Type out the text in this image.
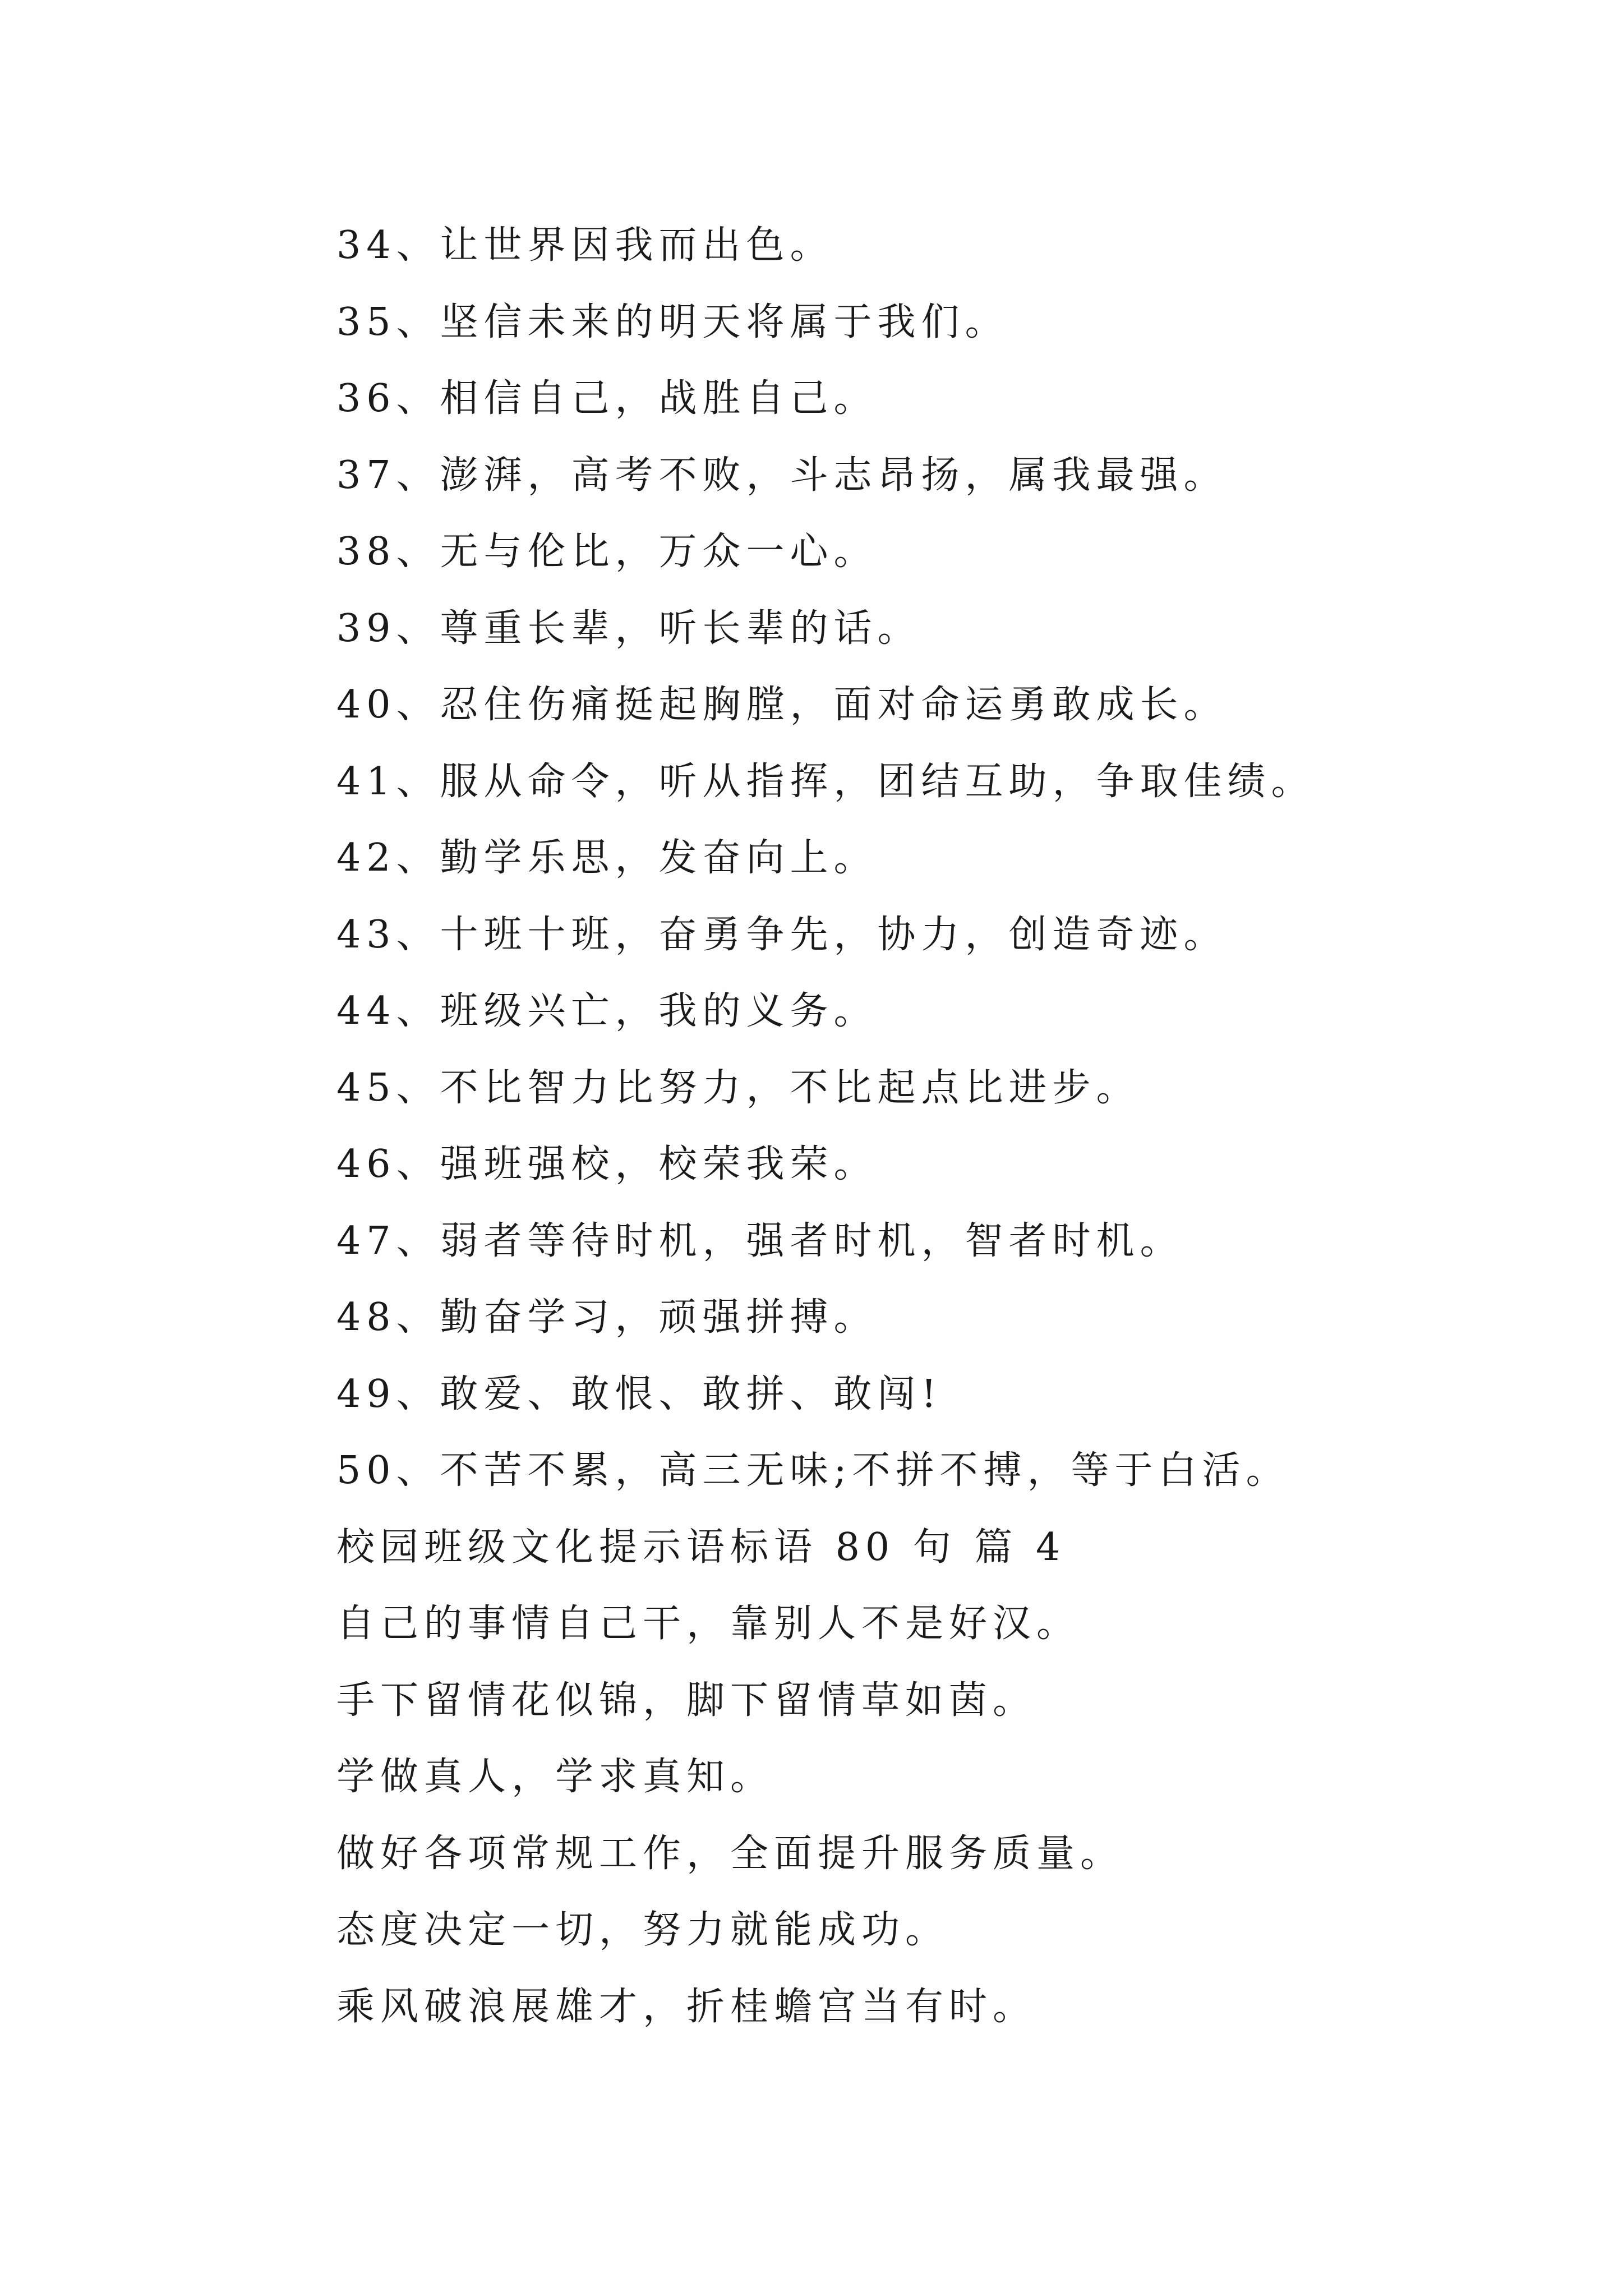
34、让世界因我而出色。
35、坚信未来的明天将属于我们。
36、相信自己，战胜自己。
37、澎湃，高考不败，斗志昂扬，属我最强。
38、无与伦比，万众一心。
39、尊重长辈，听长辈的话。
40、忍住伤痛挺起胸膛，面对命运勇敢成长。
41、服从命令，听从指挥，团结互助，争取佳绩。
42、勤学乐思，发奋向上。
43、十班十班，奋勇争先，协力，创造奇迹。
44、班级兴亡，我的义务。
45、不比智力比努力，不比起点比进步。
46、强班强校，校荣我荣。
47、弱者等待时机，强者时机，智者时机。
48、勤奋学习，顽强拼搏。
49、敢爱、敢恨、敢拼、敢闯!
50、不苦不累，高三无味;不拼不搏，等于白活。
校园班级文化提示语标语 80 句 篇 4
自己的事情自己干，靠别人不是好汉。
手下留情花似锦，脚下留情草如茵。
学做真人，学求真知。
做好各项常规工作，全面提升服务质量。
态度决定一切，努力就能成功。
乘风破浪展雄才，折桂蟾宫当有时。
